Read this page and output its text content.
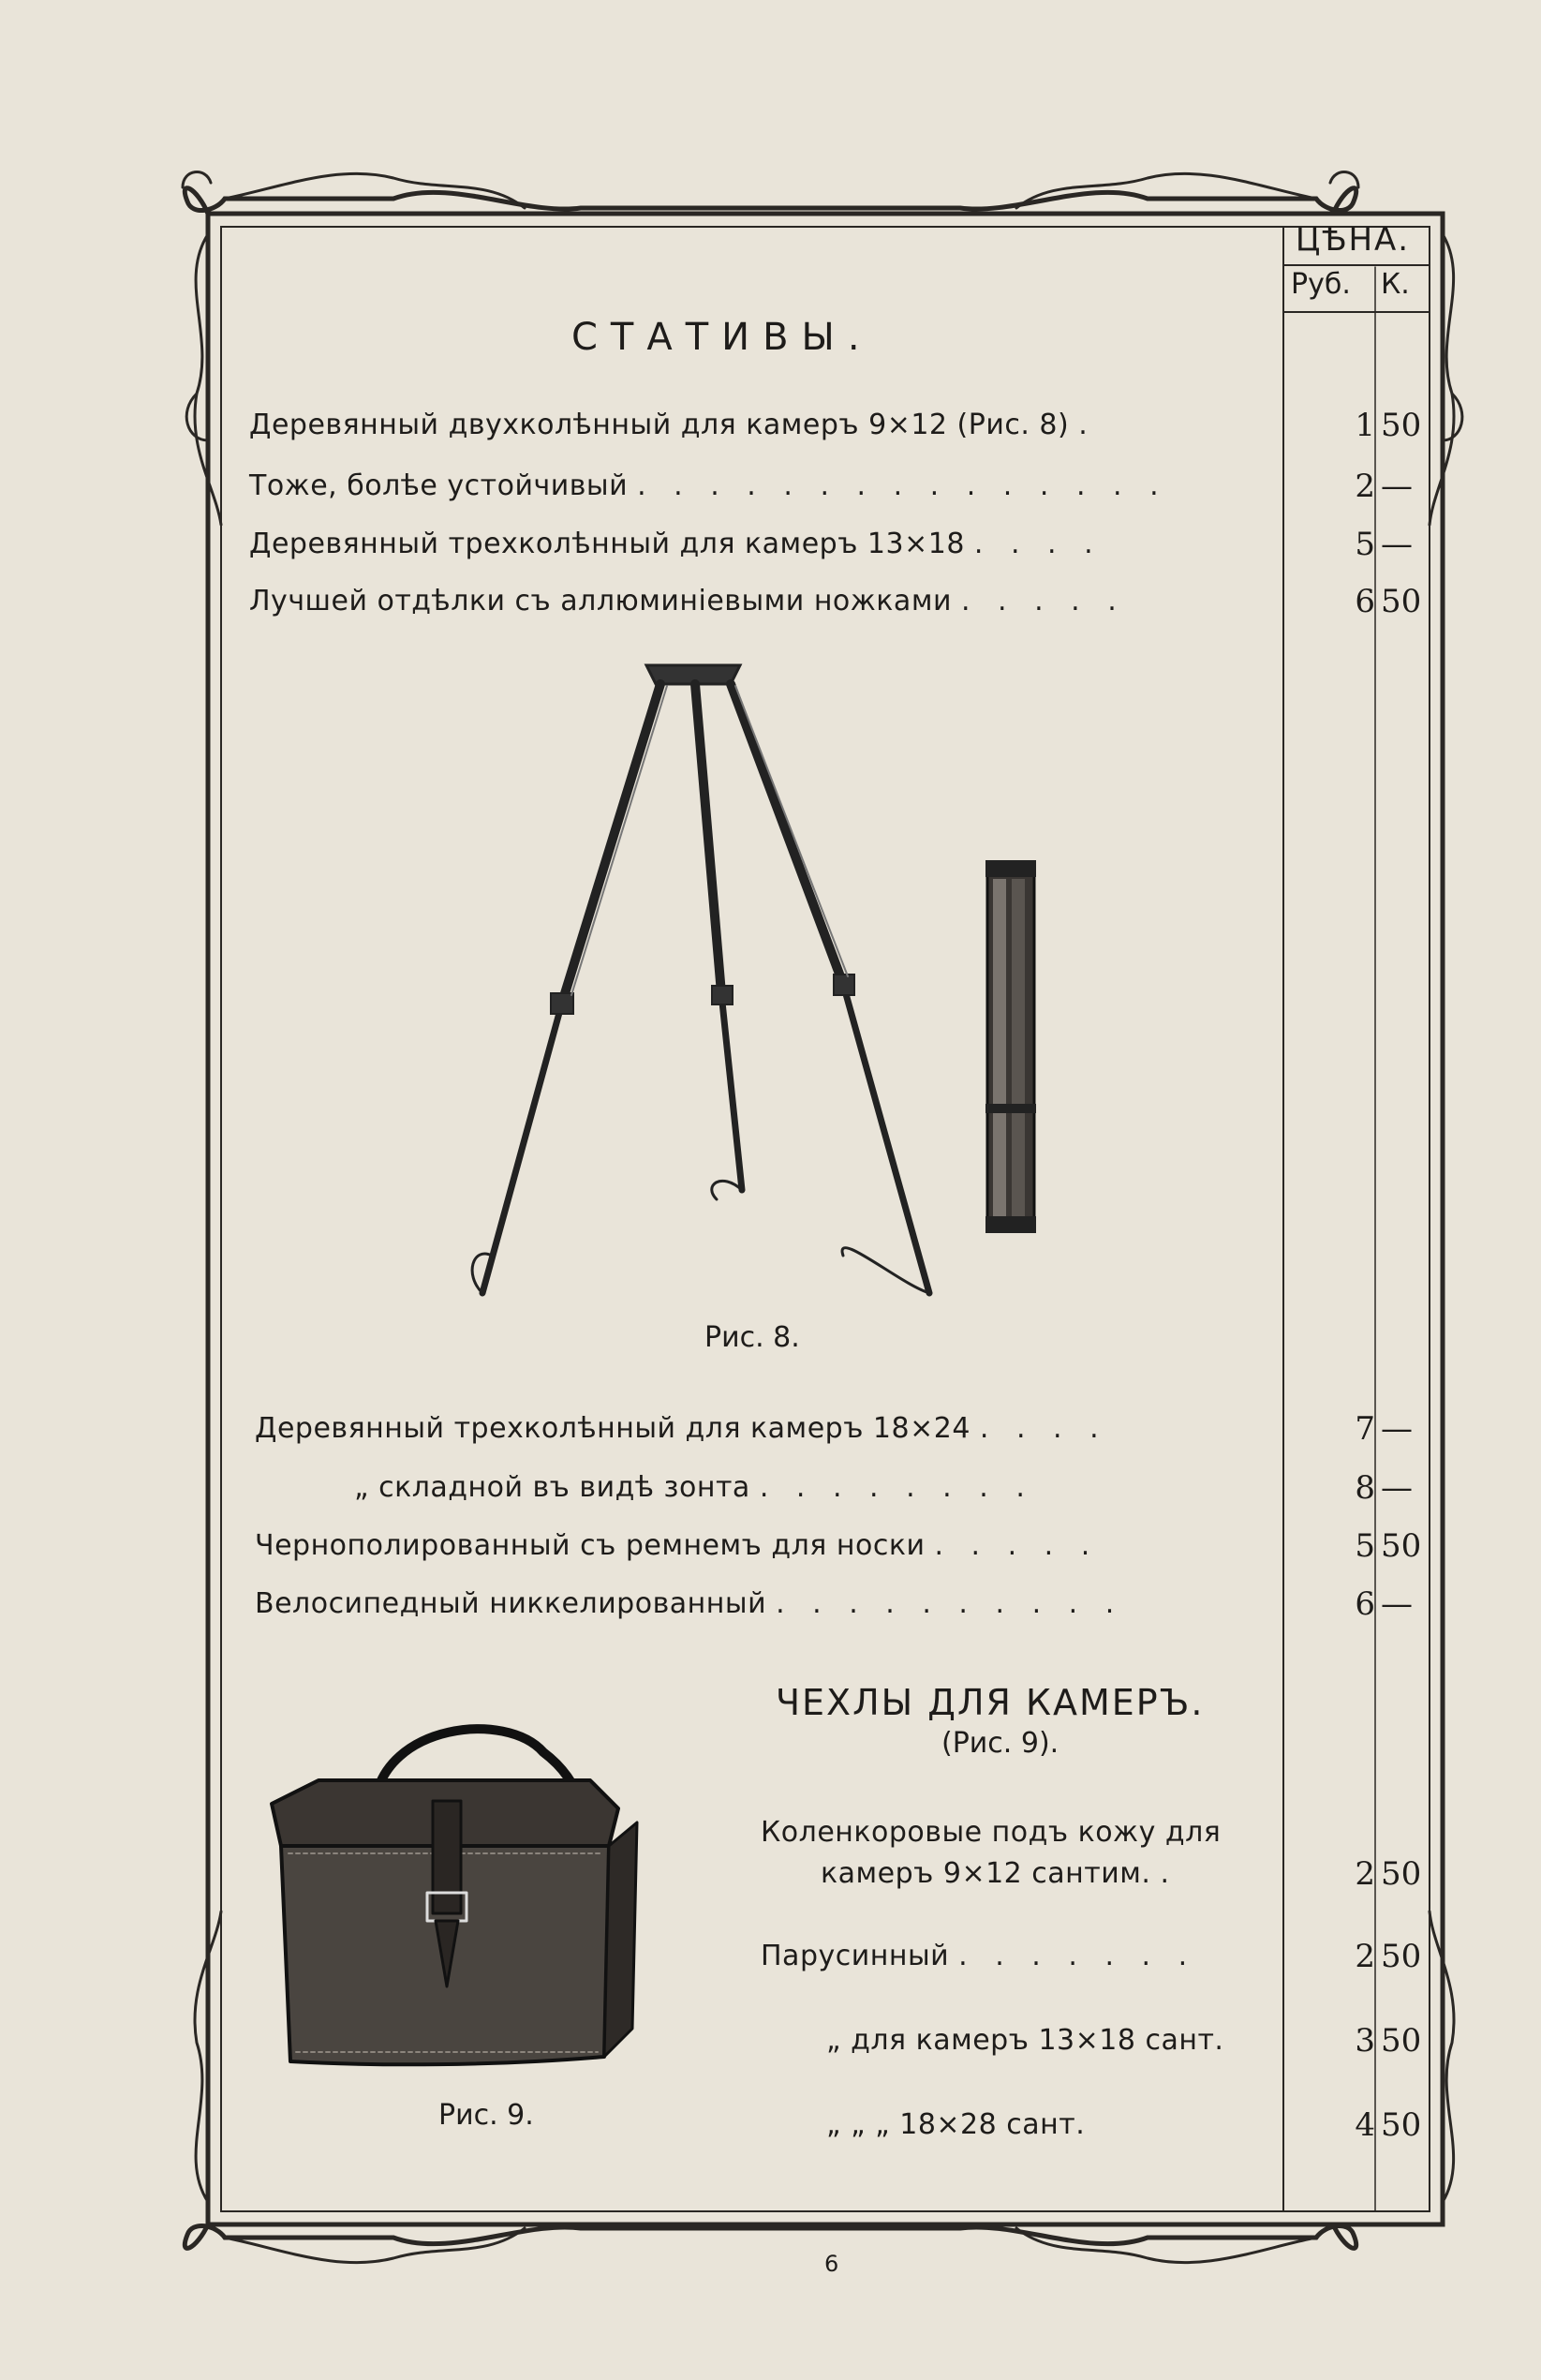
ЦѢНА.
Руб. К.
СТАТИВЫ.
Деревянный двухколѣнный для камеръ 9⨯12 (Рис. 8) .	1 50
Тоже, болѣе устойчивый . . . . . . . . . . . . . . .	2 —
Деревянный трехколѣнный для камеръ 13⨯18 . . . .	5 —
Лучшей отдѣлки съ аллюминіевыми ножками . . . . .	6 50
Рис. 8.
Деревянный трехколѣнный для камеръ 18⨯24 . . . .	7 —
„ складной въ видѣ зонта . . . . . . . .	8 —
Чернополированный съ ремнемъ для носки . . . . .	5 50
Велосипедный никкелированный . . . . . . . . . .	6 —
ЧЕХЛЫ ДЛЯ КАМЕРЪ.
(Рис. 9).
Рис. 9.
Коленкоровые подъ кожу для
камеръ 9⨯12 сантим. .	2 50
Парусинный . . . . . . .	2 50
„ для камеръ 13⨯18 сант.	3 50
„ „ „ 18⨯28 сант.	4 50
6
